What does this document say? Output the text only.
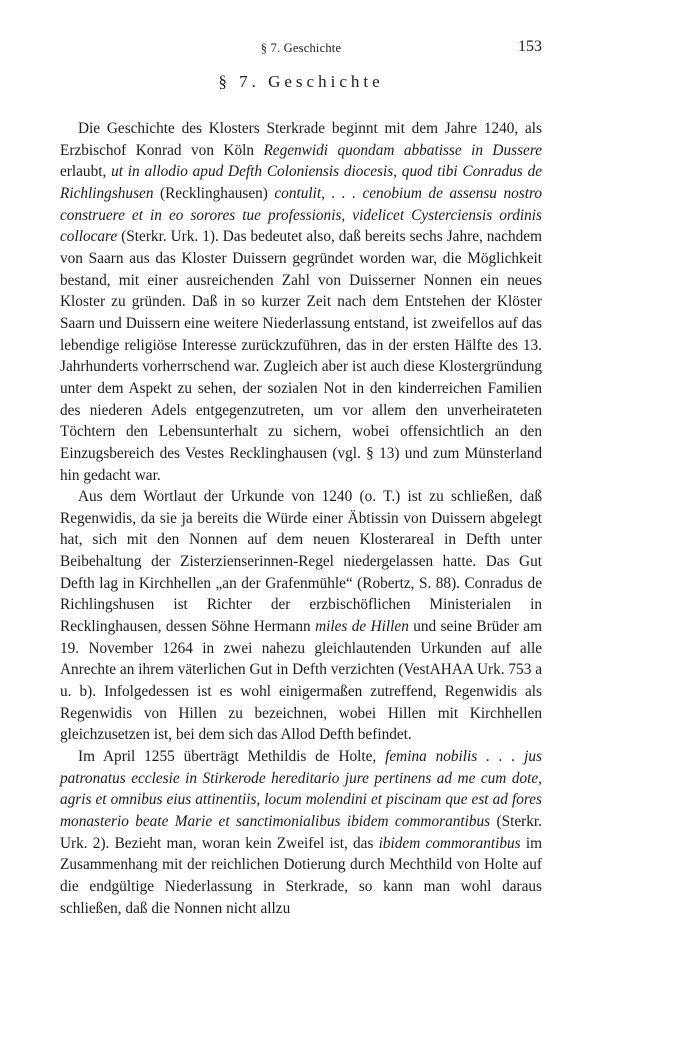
§ 7. Geschichte	153
§ 7. Geschichte

Die Geschichte des Klosters Sterkrade beginnt mit dem Jahre 1240, als Erzbischof Konrad von Köln Regenwidi quondam abbatisse in Dussere erlaubt, ut in allodio apud Defth Coloniensis diocesis, quod tibi Conradus de Richlingshusen (Recklinghausen) contulit, . . . cenobium de assensu nostro construere et in eo sorores tue professionis, videlicet Cysterciensis ordinis collocare (Sterkr. Urk. 1). Das bedeutet also, daß bereits sechs Jahre, nachdem von Saarn aus das Kloster Duissern gegründet worden war, die Möglichkeit bestand, mit einer ausreichenden Zahl von Duisserner Nonnen ein neues Kloster zu gründen. Daß in so kurzer Zeit nach dem Entstehen der Klöster Saarn und Duissern eine weitere Niederlassung entstand, ist zweifellos auf das lebendige religiöse Interesse zurückzuführen, das in der ersten Hälfte des 13. Jahrhunderts vorherrschend war. Zugleich aber ist auch diese Klostergründung unter dem Aspekt zu sehen, der sozialen Not in den kinderreichen Familien des niederen Adels entgegenzutreten, um vor allem den unverheirateten Töchtern den Lebensunterhalt zu sichern, wobei offensichtlich an den Einzugsbereich des Vestes Recklinghausen (vgl. § 13) und zum Münsterland hin gedacht war.

Aus dem Wortlaut der Urkunde von 1240 (o. T.) ist zu schließen, daß Regenwidis, da sie ja bereits die Würde einer Äbtissin von Duissern abgelegt hat, sich mit den Nonnen auf dem neuen Klosterareal in Defth unter Beibehaltung der Zisterzienserinnen-Regel niedergelassen hatte. Das Gut Defth lag in Kirchhellen „an der Grafenmühle“ (Robertz, S. 88). Conradus de Richlingshusen ist Richter der erzbischöflichen Ministerialen in Recklinghausen, dessen Söhne Hermann miles de Hillen und seine Brüder am 19. November 1264 in zwei nahezu gleichlautenden Urkunden auf alle Anrechte an ihrem väterlichen Gut in Defth verzichten (VestAHAA Urk. 753 a u. b). Infolgedessen ist es wohl einigermaßen zutreffend, Regenwidis als Regenwidis von Hillen zu bezeichnen, wobei Hillen mit Kirchhellen gleichzusetzen ist, bei dem sich das Allod Defth befindet.

Im April 1255 überträgt Methildis de Holte, femina nobilis . . . jus patronatus ecclesie in Stirkerode hereditario jure pertinens ad me cum dote, agris et omnibus eius attinentiis, locum molendini et piscinam que est ad fores monasterio beate Marie et sanctimonialibus ibidem commorantibus (Sterkr. Urk. 2). Bezieht man, woran kein Zweifel ist, das ibidem commorantibus im Zusammenhang mit der reichlichen Dotierung durch Mechthild von Holte auf die endgültige Niederlassung in Sterkrade, so kann man wohl daraus schließen, daß die Nonnen nicht allzu
